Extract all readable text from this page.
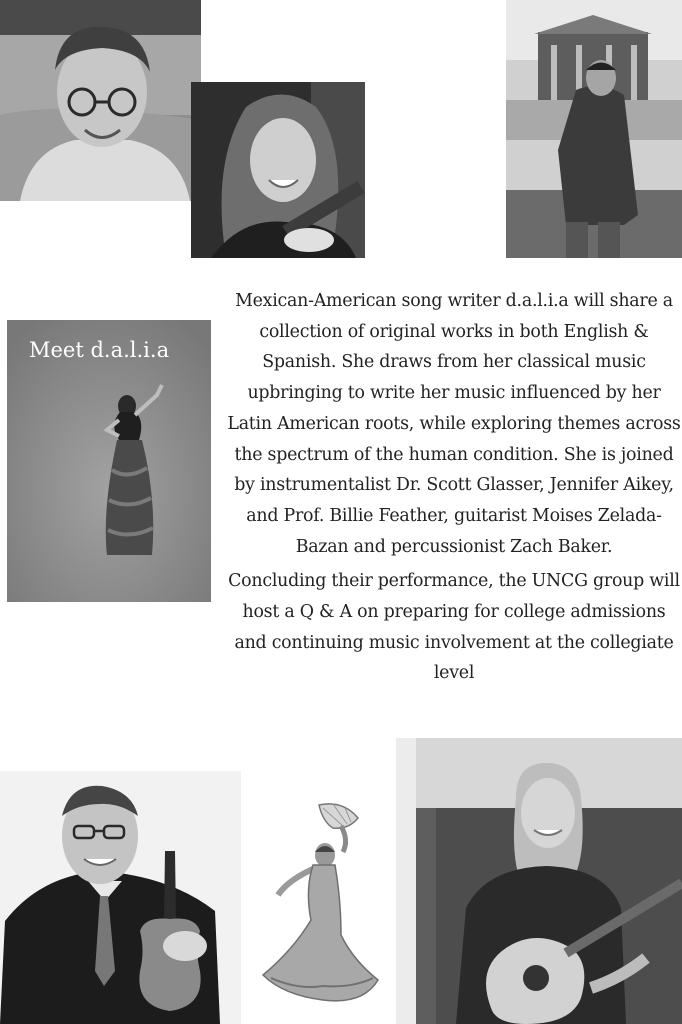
Meet d.a.l.i.a

Mexican-American song writer d.a.l.i.a will share a collection of original works in both English & Spanish. She draws from her classical music upbringing to write her music influenced by her Latin American roots, while exploring themes across the spectrum of the human condition. She is joined by instrumentalist Dr. Scott Glasser, Jennifer Aikey, and Prof. Billie Feather, guitarist Moises Zelada-Bazan and percussionist Zach Baker.

Concluding their performance, the UNCG group will host a Q & A on preparing for college admissions and continuing music involvement at the collegiate level
